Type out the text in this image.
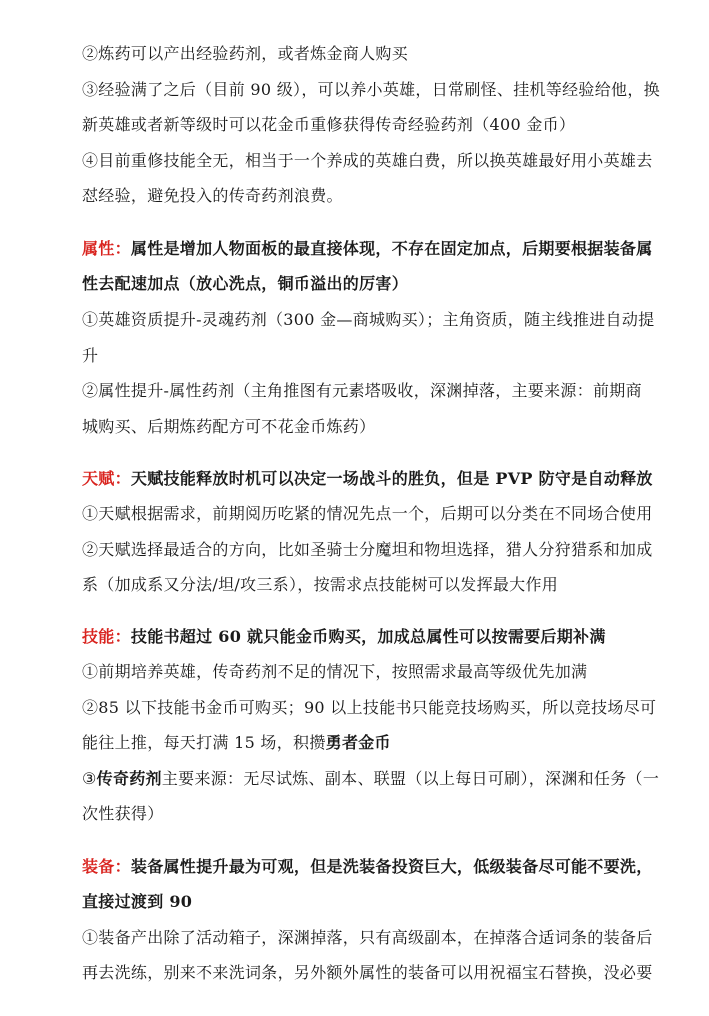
②炼药可以产出经验药剂，或者炼金商人购买
③经验满了之后（目前 90 级），可以养小英雄，日常刷怪、挂机等经验给他，换
新英雄或者新等级时可以花金币重修获得传奇经验药剂（400 金币）
④目前重修技能全无，相当于一个养成的英雄白费，所以换英雄最好用小英雄去
怼经验，避免投入的传奇药剂浪费。
属性：属性是增加人物面板的最直接体现，不存在固定加点，后期要根据装备属
性去配速加点（放心洗点，铜币溢出的厉害）
①英雄资质提升-灵魂药剂（300 金—商城购买）；主角资质，随主线推进自动提
升
②属性提升-属性药剂（主角推图有元素塔吸收，深渊掉落，主要来源：前期商
城购买、后期炼药配方可不花金币炼药）
天赋：天赋技能释放时机可以决定一场战斗的胜负，但是 PVP 防守是自动释放
①天赋根据需求，前期阅历吃紧的情况先点一个，后期可以分类在不同场合使用
②天赋选择最适合的方向，比如圣骑士分魔坦和物坦选择，猎人分狩猎系和加成
系（加成系又分法/坦/攻三系），按需求点技能树可以发挥最大作用
技能：技能书超过 60 就只能金币购买，加成总属性可以按需要后期补满
①前期培养英雄，传奇药剂不足的情况下，按照需求最高等级优先加满
②85 以下技能书金币可购买；90 以上技能书只能竞技场购买，所以竞技场尽可
能往上推，每天打满 15 场，积攒勇者金币
③传奇药剂主要来源：无尽试炼、副本、联盟（以上每日可刷），深渊和任务（一
次性获得）
装备：装备属性提升最为可观，但是洗装备投资巨大，低级装备尽可能不要洗，
直接过渡到 90
①装备产出除了活动箱子，深渊掉落，只有高级副本，在掉落合适词条的装备后
再去洗练，别来不来洗词条，另外额外属性的装备可以用祝福宝石替换，没必要
